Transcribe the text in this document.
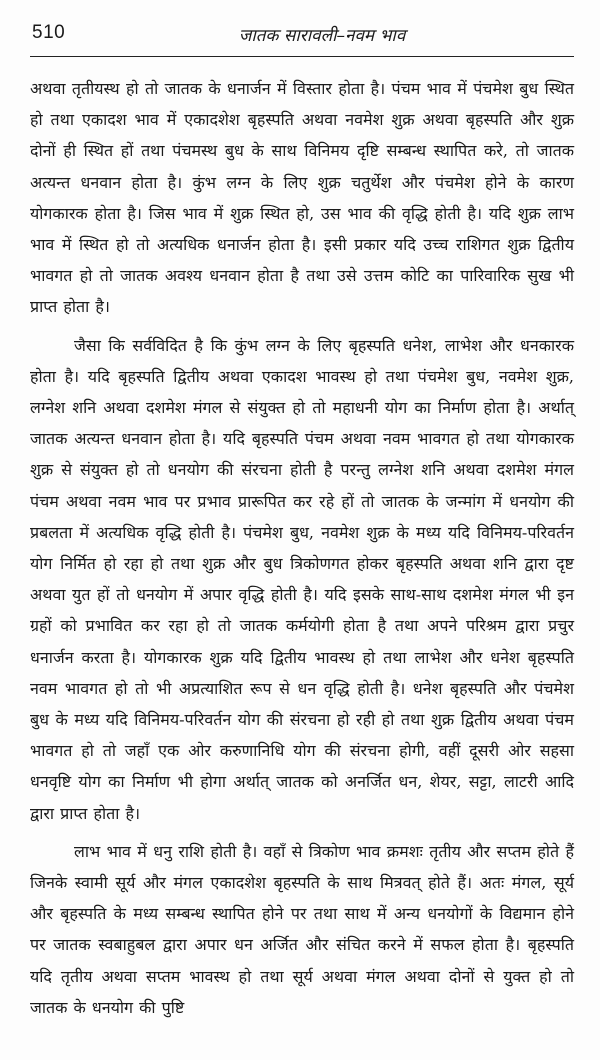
510	जातक सारावली–नवम भाव

अथवा तृतीयस्थ हो तो जातक के धनार्जन में विस्तार होता है। पंचम भाव में पंचमेश बुध स्थित हो तथा एकादश भाव में एकादशेश बृहस्पति अथवा नवमेश शुक्र अथवा बृहस्पति और शुक्र दोनों ही स्थित हों तथा पंचमस्थ बुध के साथ विनिमय दृष्टि सम्बन्ध स्थापित करे, तो जातक अत्यन्त धनवान होता है। कुंभ लग्न के लिए शुक्र चतुर्थेश और पंचमेश होने के कारण योगकारक होता है। जिस भाव में शुक्र स्थित हो, उस भाव की वृद्धि होती है। यदि शुक्र लाभ भाव में स्थित हो तो अत्यधिक धनार्जन होता है। इसी प्रकार यदि उच्च राशिगत शुक्र द्वितीय भावगत हो तो जातक अवश्य धनवान होता है तथा उसे उत्तम कोटि का पारिवारिक सुख भी प्राप्त होता है।

जैसा कि सर्वविदित है कि कुंभ लग्न के लिए बृहस्पति धनेश, लाभेश और धनकारक होता है। यदि बृहस्पति द्वितीय अथवा एकादश भावस्थ हो तथा पंचमेश बुध, नवमेश शुक्र, लग्नेश शनि अथवा दशमेश मंगल से संयुक्त हो तो महाधनी योग का निर्माण होता है। अर्थात् जातक अत्यन्त धनवान होता है। यदि बृहस्पति पंचम अथवा नवम भावगत हो तथा योगकारक शुक्र से संयुक्त हो तो धनयोग की संरचना होती है परन्तु लग्नेश शनि अथवा दशमेश मंगल पंचम अथवा नवम भाव पर प्रभाव प्रारूपित कर रहे हों तो जातक के जन्मांग में धनयोग की प्रबलता में अत्यधिक वृद्धि होती है। पंचमेश बुध, नवमेश शुक्र के मध्य यदि विनिमय-परिवर्तन योग निर्मित हो रहा हो तथा शुक्र और बुध त्रिकोणगत होकर बृहस्पति अथवा शनि द्वारा दृष्ट अथवा युत हों तो धनयोग में अपार वृद्धि होती है। यदि इसके साथ-साथ दशमेश मंगल भी इन ग्रहों को प्रभावित कर रहा हो तो जातक कर्मयोगी होता है तथा अपने परिश्रम द्वारा प्रचुर धनार्जन करता है। योगकारक शुक्र यदि द्वितीय भावस्थ हो तथा लाभेश और धनेश बृहस्पति नवम भावगत हो तो भी अप्रत्याशित रूप से धन वृद्धि होती है। धनेश बृहस्पति और पंचमेश बुध के मध्य यदि विनिमय-परिवर्तन योग की संरचना हो रही हो तथा शुक्र द्वितीय अथवा पंचम भावगत हो तो जहाँ एक ओर करुणानिधि योग की संरचना होगी, वहीं दूसरी ओर सहसा धनवृष्टि योग का निर्माण भी होगा अर्थात् जातक को अनर्जित धन, शेयर, सट्टा, लाटरी आदि द्वारा प्राप्त होता है।

लाभ भाव में धनु राशि होती है। वहाँ से त्रिकोण भाव क्रमशः तृतीय और सप्तम होते हैं जिनके स्वामी सूर्य और मंगल एकादशेश बृहस्पति के साथ मित्रवत् होते हैं। अतः मंगल, सूर्य और बृहस्पति के मध्य सम्बन्ध स्थापित होने पर तथा साथ में अन्य धनयोगों के विद्यमान होने पर जातक स्वबाहुबल द्वारा अपार धन अर्जित और संचित करने में सफल होता है। बृहस्पति यदि तृतीय अथवा सप्तम भावस्थ हो तथा सूर्य अथवा मंगल अथवा दोनों से युक्त हो तो जातक के धनयोग की पुष्टि
